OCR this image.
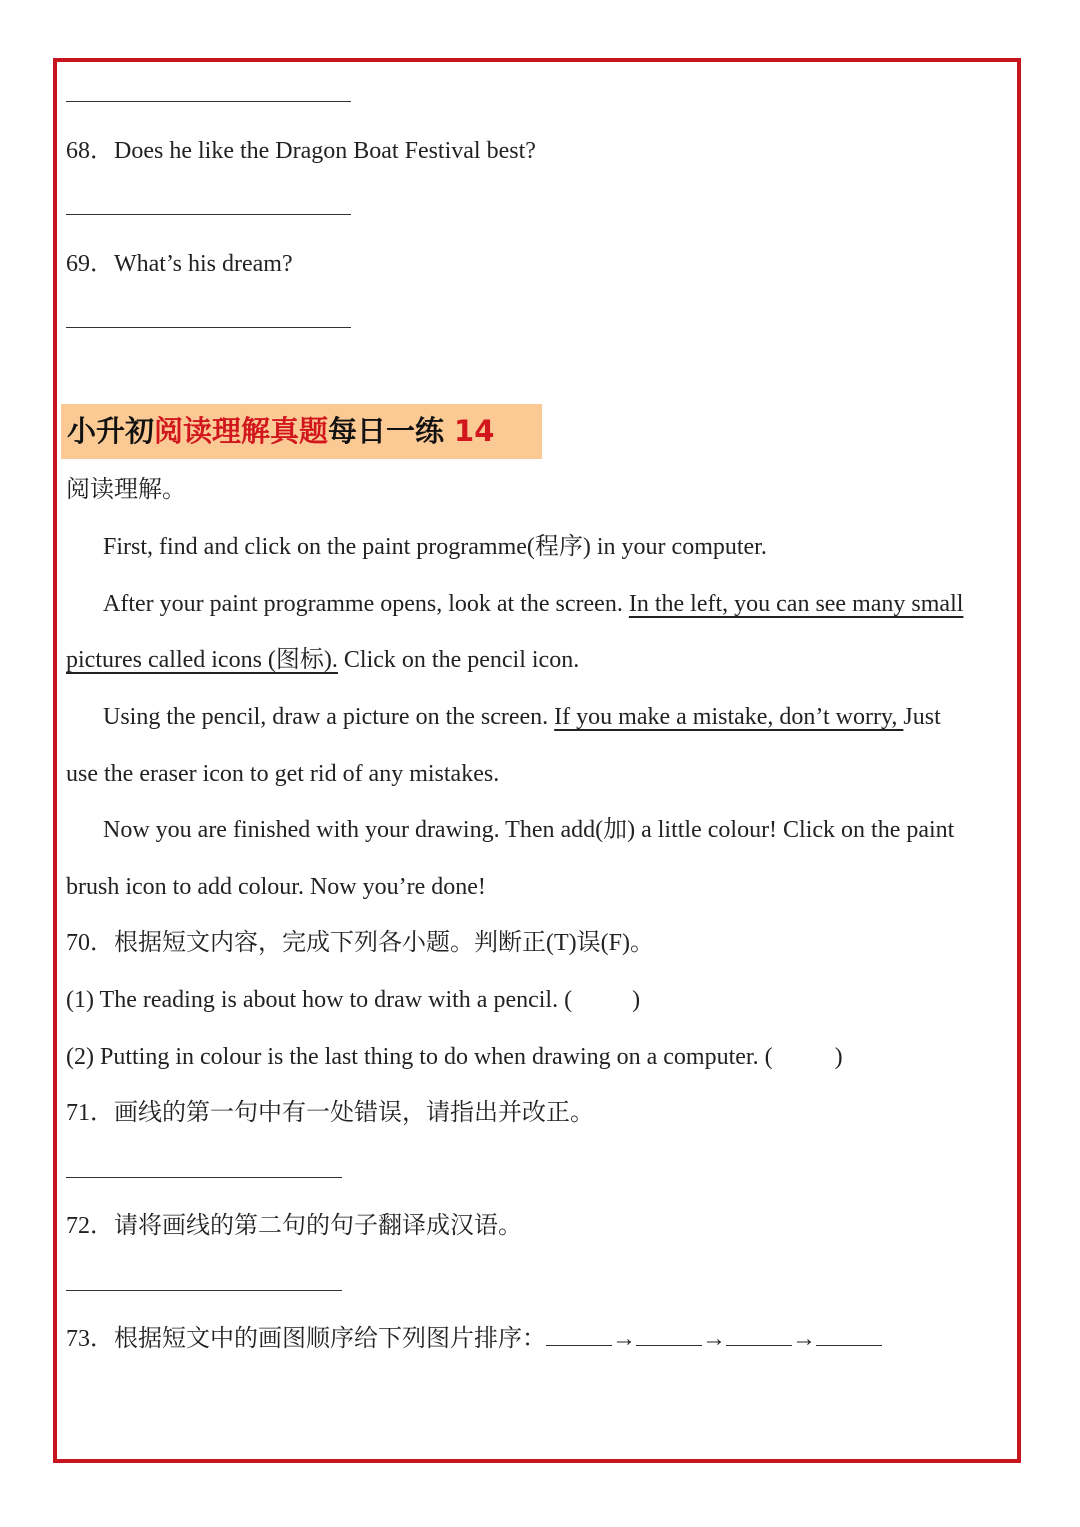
68．Does he like the Dragon Boat Festival best?
69．What’s his dream?
小升初阅读理解真题每日一练 14
阅读理解。
First, find and click on the paint programme(程序) in your computer.
After your paint programme opens, look at the screen. In the left, you can see many small
pictures called icons (图标). Click on the pencil icon.
Using the pencil, draw a picture on the screen. If you make a mistake, don’t worry, Just
use the eraser icon to get rid of any mistakes.
Now you are finished with your drawing. Then add(加) a little colour! Click on the paint
brush icon to add colour. Now you’re done!
70．根据短文内容，完成下列各小题。判断正(T)误(F)。
(1) The reading is about how to draw with a pencil. (	)
(2) Putting in colour is the last thing to do when drawing on a computer. (	)
71．画线的第一句中有一处错误，请指出并改正。
72．请将画线的第二句的句子翻译成汉语。
73．根据短文中的画图顺序给下列图片排序：	→	→	→
